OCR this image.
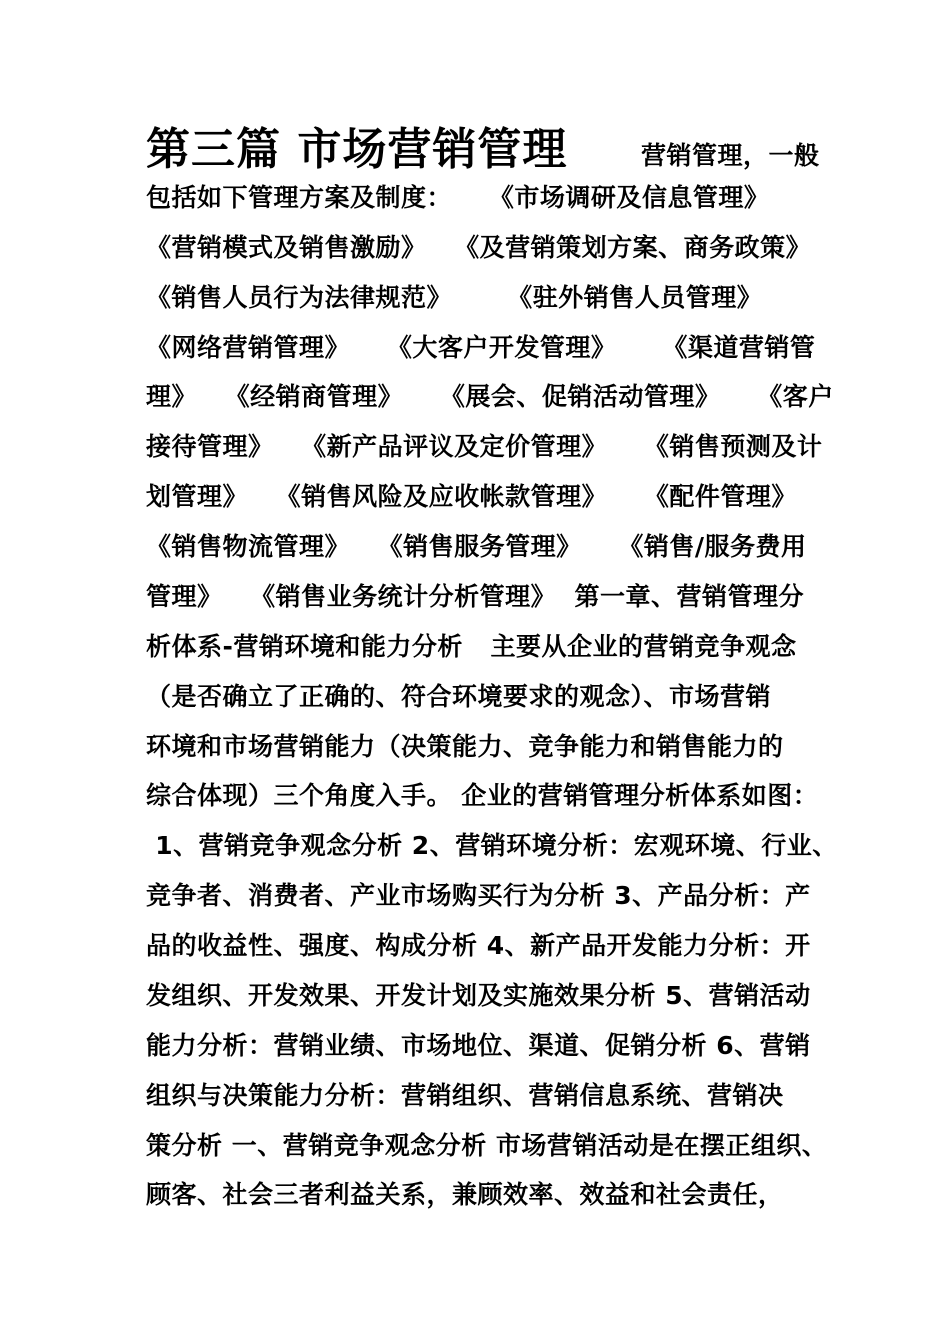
第三篇 市场营销管理        营销管理，一般

包括如下管理方案及制度：    《市场调研及信息管理》

《营销模式及销售激励》   《及营销策划方案、商务政策》

《销售人员行为法律规范》      《驻外销售人员管理》

《网络营销管理》    《大客户开发管理》     《渠道营销管

理》   《经销商管理》    《展会、促销活动管理》    《客户

接待管理》   《新产品评议及定价管理》    《销售预测及计

划管理》   《销售风险及应收帐款管理》    《配件管理》

《销售物流管理》   《销售服务管理》    《销售/服务费用

管理》   《销售业务统计分析管理》  第一章、营销管理分

析体系-营销环境和能力分析   主要从企业的营销竞争观念

（是否确立了正确的、符合环境要求的观念）、市场营销

环境和市场营销能力（决策能力、竞争能力和销售能力的

综合体现）三个角度入手。 企业的营销管理分析体系如图：

1、营销竞争观念分析 2、营销环境分析：宏观环境、行业、

竞争者、消费者、产业市场购买行为分析 3、产品分析：产

品的收益性、强度、构成分析 4、新产品开发能力分析：开

发组织、开发效果、开发计划及实施效果分析 5、营销活动

能力分析：营销业绩、市场地位、渠道、促销分析 6、营销

组织与决策能力分析：营销组织、营销信息系统、营销决

策分析 一、营销竞争观念分析 市场营销活动是在摆正组织、

顾客、社会三者利益关系，兼顾效率、效益和社会责任，
